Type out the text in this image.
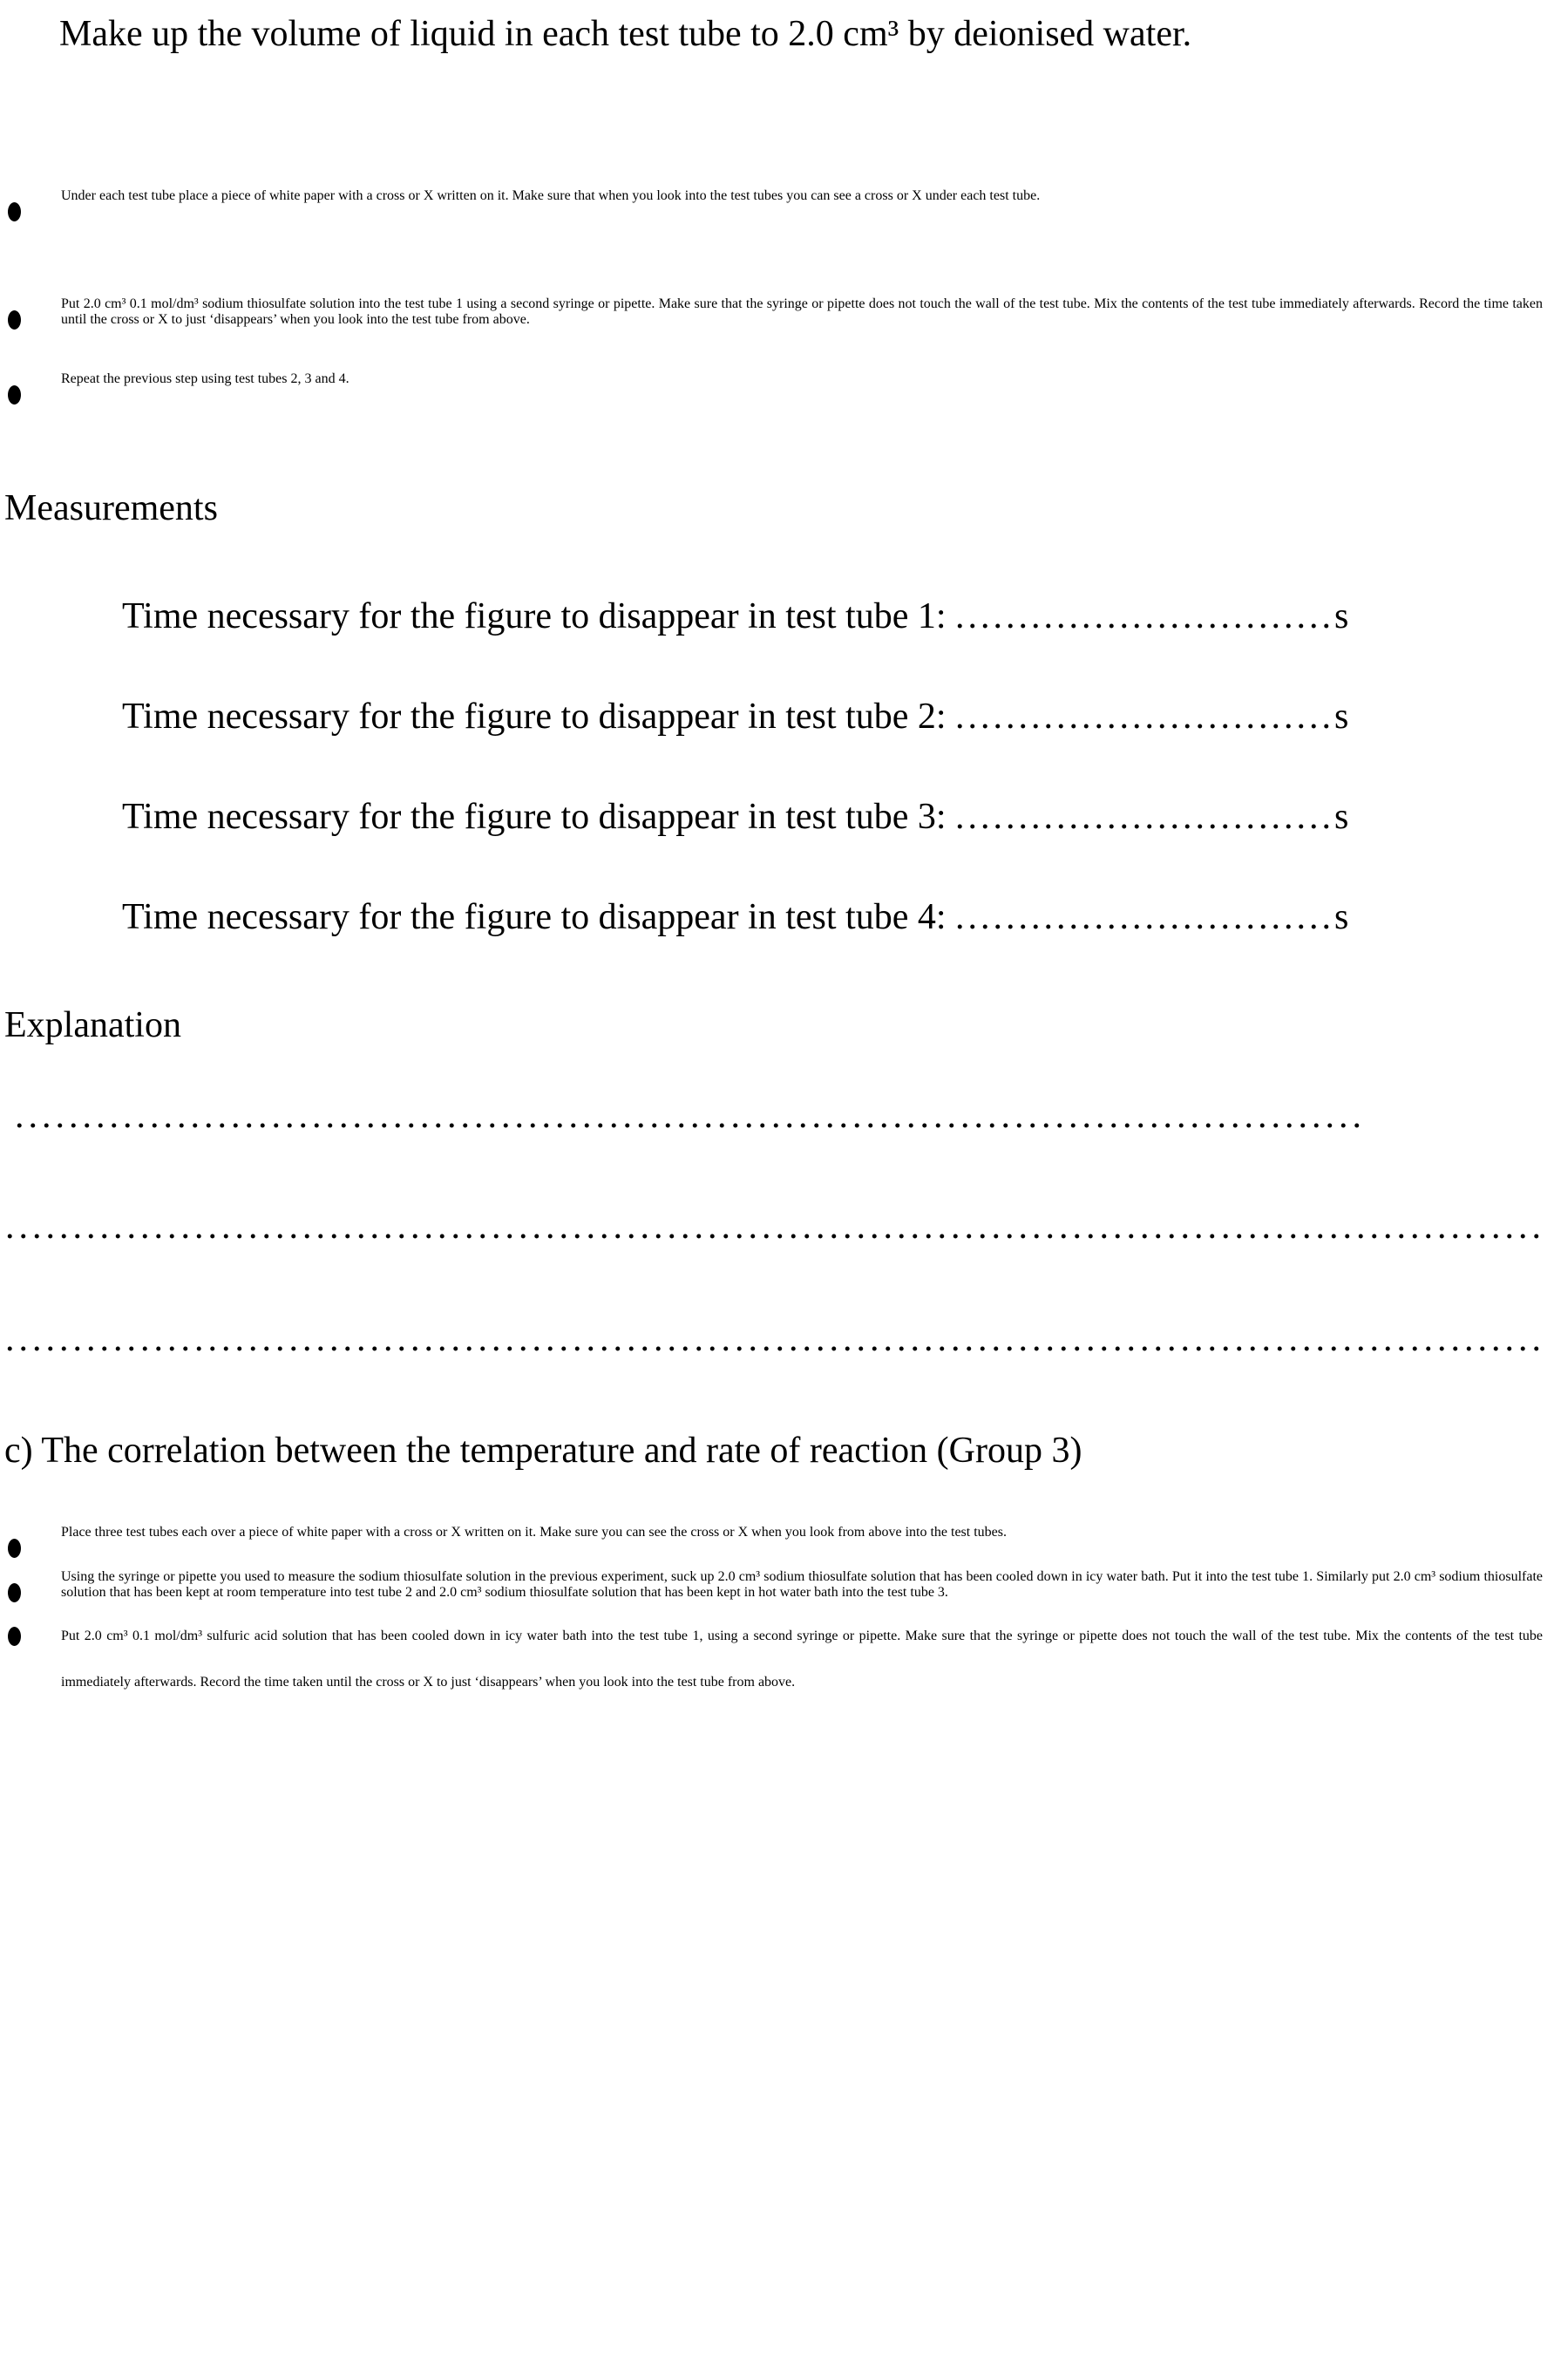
Make up the volume of liquid in each test tube to 2.0 cm³ by deionised water.

Under each test tube place a piece of white paper with a cross or X written on it. Make sure that when you look into the test tubes you can see a cross or X under each test tube.
Put 2.0 cm³ 0.1 mol/dm³ sodium thiosulfate solution into the test tube 1 using a second syringe or pipette. Make sure that the syringe or pipette does not touch the wall of the test tube. Mix the contents of the test tube immediately afterwards. Record the time taken until the cross or X to just ‘disappears’ when you look into the test tube from above.
Repeat the previous step using test tubes 2, 3 and 4.
Measurements

Time necessary for the figure to disappear in test tube 1: ..............................s

Time necessary for the figure to disappear in test tube 2: ..............................s

Time necessary for the figure to disappear in test tube 3: ..............................s

Time necessary for the figure to disappear in test tube 4: ..............................s

Explanation

....................................................................................................

..................................................................................................................

..................................................................................................................

c) The correlation between the temperature and rate of reaction (Group 3)
Place three test tubes each over a piece of white paper with a cross or X written on it. Make sure you can see the cross or X when you look from above into the test tubes.
Using the syringe or pipette you used to measure the sodium thiosulfate solution in the previous experiment, suck up 2.0 cm³ sodium thiosulfate solution that has been cooled down in icy water bath. Put it into the test tube 1. Similarly put 2.0 cm³ sodium thiosulfate solution that has been kept at room temperature into test tube 2 and 2.0 cm³ sodium thiosulfate solution that has been kept in hot water bath into the test tube 3.
Put 2.0 cm³ 0.1 mol/dm³ sulfuric acid solution that has been cooled down in icy water bath into the test tube 1, using a second syringe or pipette. Make sure that the syringe or pipette does not touch the wall of the test tube. Mix the contents of the test tube immediately afterwards. Record the time taken until the cross or X to just ‘disappears’ when you look into the test tube from above.
